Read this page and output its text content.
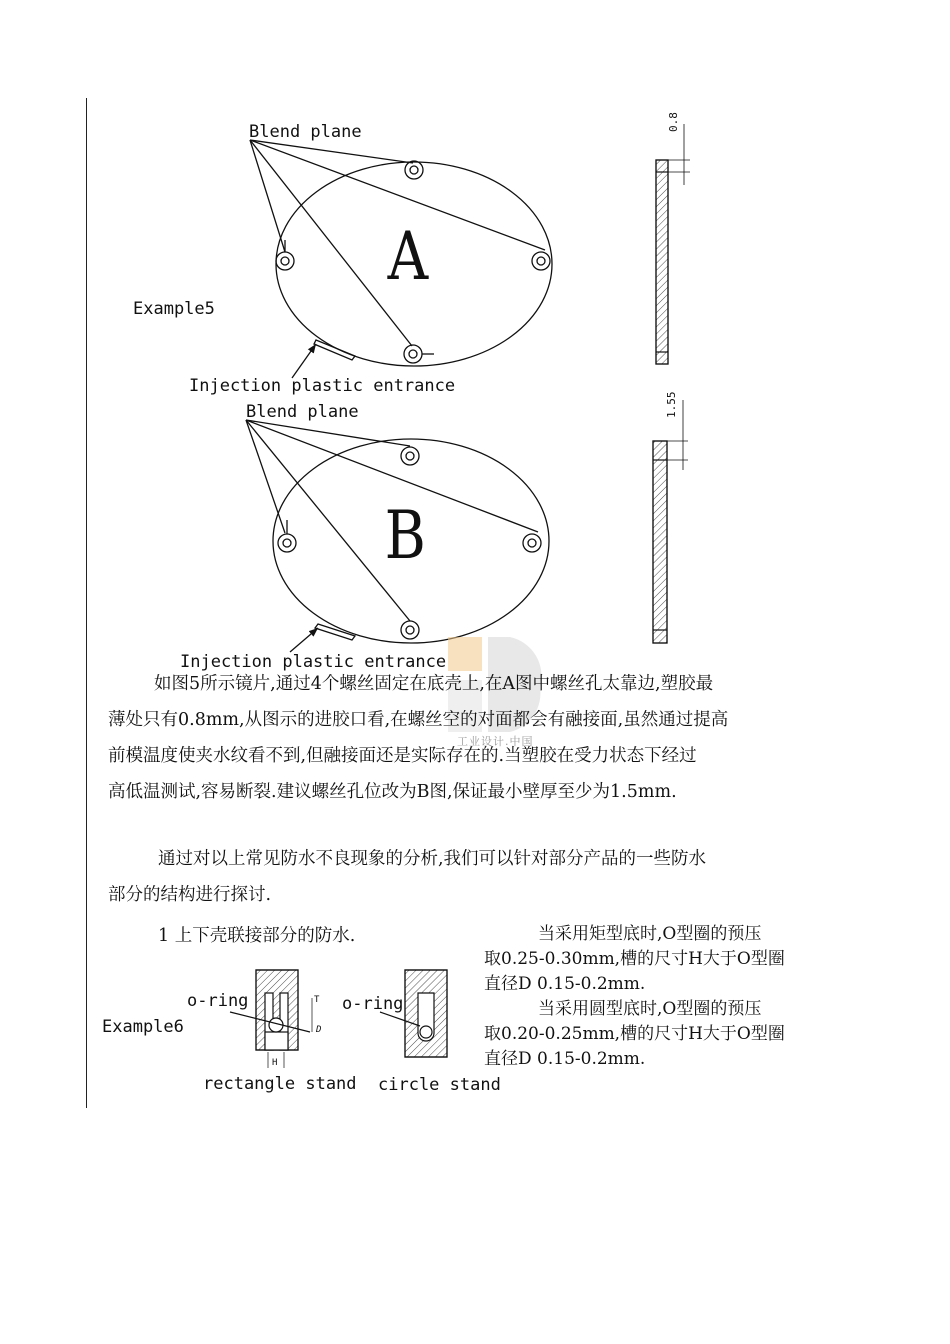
Blend plane
Example5
A
Injection plastic entrance
0.8
Blend plane
B
Injection plastic entrance
1.55
工业设计.中国
如图5所示镜片,通过4个螺丝固定在底壳上,在A图中螺丝孔太靠边,塑胶最
薄处只有0.8mm,从图示的进胶口看,在螺丝空的对面都会有融接面,虽然通过提高
前模温度使夹水纹看不到,但融接面还是实际存在的.当塑胶在受力状态下经过
高低温测试,容易断裂.建议螺丝孔位改为B图,保证最小壁厚至少为1.5mm.
通过对以上常见防水不良现象的分析,我们可以针对部分产品的一些防水
部分的结构进行探讨.
1 上下壳联接部分的防水.	当采用矩型底时,O型圈的预压
取0.25-0.30mm,槽的尺寸H大于O型圈
直径D 0.15-0.2mm.
当采用圆型底时,O型圈的预压
取0.20-0.25mm,槽的尺寸H大于O型圈
直径D 0.15-0.2mm.
Example6
o-ring	o-ring
rectangle stand circle stand
H
T
D
